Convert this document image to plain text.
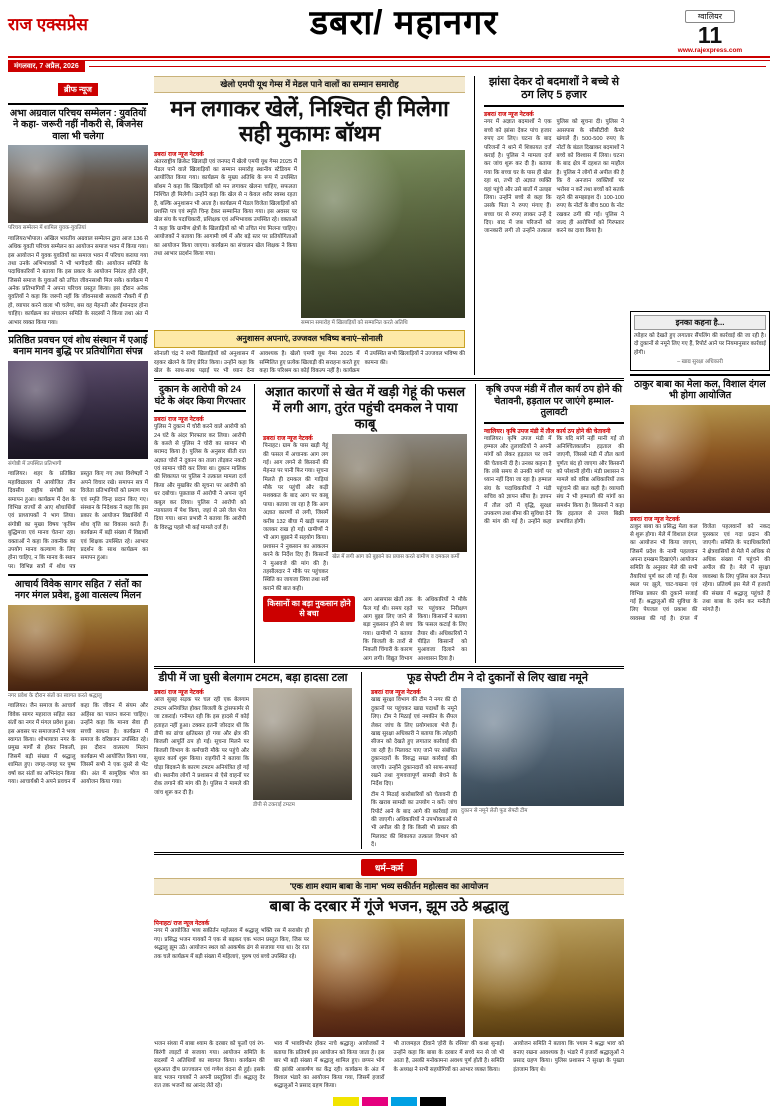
राज एक्सप्रेस	डबरा/ महानगर	ग्वालियर
11
www.rajexpress.com
मंगलवार, 7 अप्रैल, 2026
ब्रीफ न्यूज
अभा अग्रवाल परिचय सम्मेलन : युवतियों ने कहा- जरूरी नहीं नौकरी से, बिजनेस वाला भी चलेगा
परिचय सम्मेलन में शामिल युवक-युवतियां
ग्वालियर/भोपाल। अखिल भारतीय अग्रवाल सम्मेलन द्वारा आज 136 से अधिक युवती परिचय सम्मेलन का आयोजन समाज भवन में किया गया। इस आयोजन में युवक युवतियों का समाज भवन में परिचय कराया गया तथा उनके अभिभावकों ने भी भागीदारी की। आयोजन समिति के पदाधिकारियों ने बताया कि इस प्रकार के आयोजन निरंतर होते रहेंगे, जिससे समाज के युवाओं को उचित जीवनसाथी मिल सके। कार्यक्रम में अनेक प्रतिभागियों ने अपना परिचय प्रस्तुत किया। इस दौरान अनेक युवतियों ने कहा कि जरूरी नहीं कि जीवनसाथी सरकारी नौकरी में ही हो, व्यापार करने वाला भी चलेगा, बस वह मेहनती और ईमानदार होना चाहिए। कार्यक्रम का संचालन समिति के सदस्यों ने किया तथा अंत में आभार व्यक्त किया गया।
प्रतिष्ठित प्रवचन एवं शोध संस्थान में एआई बनाम मानव बुद्धि पर प्रतियोगिता संपन्न
संगोष्ठी में उपस्थित प्रतिभागी
ग्वालियर। शहर के प्रतिष्ठित महाविद्यालय में आयोजित तीन दिवसीय राष्ट्रीय संगोष्ठी का समापन हुआ। कार्यक्रम में देश के विभिन्न राज्यों से आए शोधार्थियों एवं प्राध्यापकों ने भाग लिया। संगोष्ठी का मुख्य विषय 'कृत्रिम बुद्धिमत्ता एवं मानव चेतना' रहा। वक्ताओं ने कहा कि तकनीक का उपयोग मानव कल्याण के लिए होना चाहिए, न कि मानव के स्थान पर। विभिन्न सत्रों में शोध पत्र प्रस्तुत किए गए तथा विशेषज्ञों ने अपने विचार रखे। समापन सत्र में विजेता प्रतिभागियों को प्रमाण पत्र एवं स्मृति चिन्ह प्रदान किए गए। संस्थान के निदेशक ने कहा कि इस प्रकार के आयोजन विद्यार्थियों में शोध वृत्ति का विकास करते हैं। कार्यक्रम में बड़ी संख्या में विद्यार्थी एवं शिक्षक उपस्थित रहे। आभार प्रदर्शन के साथ कार्यक्रम का समापन हुआ।
आचार्य विवेक सागर सहित 7 संतों का नगर मंगल प्रवेश, हुआ वात्सल्य मिलन
नगर प्रवेश के दौरान संतों का स्वागत करते श्रद्धालु
ग्वालियर। जैन समाज के आचार्य विवेक सागर महाराज सहित सात संतों का नगर में मंगल प्रवेश हुआ। इस अवसर पर समाजजनों ने भव्य स्वागत किया। शोभायात्रा नगर के प्रमुख मार्गों से होकर निकली, जिसमें बड़ी संख्या में श्रद्धालु शामिल हुए। जगह-जगह पर पुष्प वर्षा कर संतों का अभिनंदन किया गया। आचार्यश्री ने अपने प्रवचन में कहा कि जीवन में संयम और अहिंसा का पालन करना चाहिए। उन्होंने कहा कि मानव सेवा ही सच्ची साधना है। कार्यक्रम में समाज के वरिष्ठजन उपस्थित रहे। इस दौरान वात्सल्य मिलन कार्यक्रम भी आयोजित किया गया, जिसमें सभी ने एक दूसरे से भेंट की। अंत में सामूहिक भोज का आयोजन किया गया।
खेलो एमपी यूथ गेम्स में मेडल पाने वालों का सम्मान समारोह
मन लगाकर खेलें, निश्चित ही मिलेगा सही मुकामः बॉथम
डबरा/ राज न्यूज नेटवर्क
अंतरराष्ट्रीय क्रिकेट खिलाड़ी एवं जनपद में खेलो एमपी यूथ गेम्स 2025 में मेडल पाने वाले खिलाड़ियों का सम्मान समारोह स्थानीय स्टेडियम में आयोजित किया गया। कार्यक्रम के मुख्य अतिथि के रूप में उपस्थित बॉथम ने कहा कि खिलाड़ियों को मन लगाकर खेलना चाहिए, सफलता निश्चित ही मिलेगी। उन्होंने कहा कि खेल से न केवल शरीर स्वस्थ रहता है, बल्कि अनुशासन भी आता है। कार्यक्रम में मेडल विजेता खिलाड़ियों को प्रशस्ति पत्र एवं स्मृति चिन्ह देकर सम्मानित किया गया। इस अवसर पर खेल संघ के पदाधिकारी, प्रशिक्षक एवं अभिभावक उपस्थित रहे। वक्ताओं ने कहा कि ग्रामीण क्षेत्रों के खिलाड़ियों को भी उचित मंच मिलना चाहिए। आयोजकों ने बताया कि आगामी वर्ष में और बड़े स्तर पर प्रतियोगिताओं का आयोजन किया जाएगा। कार्यक्रम का संचालन खेल शिक्षक ने किया तथा आभार प्रदर्शन किया गया।
सम्मान समारोह में खिलाड़ियों को सम्मानित करते अतिथि
अनुशासन अपनाएं, उज्जवल भविष्य बनाएं–सोनाली
सोनाली चंद्र ने सभी खिलाड़ियों को अनुशासन में रहकर खेलने के लिए प्रेरित किया। उन्होंने कहा कि खेल के साथ-साथ पढ़ाई पर भी ध्यान देना आवश्यक है। खेलो एमपी यूथ गेम्स 2025 में सम्मिलित हुए प्रत्येक खिलाड़ी की सराहना करते हुए कहा कि परिश्रम का कोई विकल्प नहीं है। कार्यक्रम में उपस्थित सभी खिलाड़ियों ने उज्जवल भविष्य की कामना की।
झांसा देकर दो बदमाशों ने बच्चे से ठग लिए 5 हजार
डबरा/ राज न्यूज नेटवर्क
नगर में अज्ञात बदमाशों ने एक बच्चे को झांसा देकर पांच हजार रुपए ठग लिए। घटना के बाद परिजनों ने थाने में शिकायत दर्ज कराई है। पुलिस ने मामला दर्ज कर जांच शुरू कर दी है। बताया गया कि बच्चा घर के पास ही खेल रहा था, तभी दो अज्ञात व्यक्ति वहां पहुंचे और उसे बातों में उलझा लिया। उन्होंने बच्चे से कहा कि उसके पिता ने रुपए मंगाए हैं। बच्चा घर से रुपए लाकर उन्हें दे दिए। बाद में जब परिजनों को जानकारी लगी तो उन्होंने तत्काल पुलिस को सूचना दी। पुलिस ने आसपास के सीसीटीवी कैमरे खंगाले हैं। 500-500 रुपए के नोटों के बंडल दिखाकर बदमाशों ने बच्चे को विश्वास में लिया। घटना के बाद क्षेत्र में दहशत का माहौल है। पुलिस ने लोगों से अपील की है कि वे अनजान व्यक्तियों पर भरोसा न करें तथा बच्चों को सतर्क रहने की समझाइश दें। 100-100 रुपए के नोटों के बीच 500 के नोट रखकर ठगी की गई। पुलिस ने जल्द ही आरोपियों को गिरफ्तार करने का दावा किया है।
दुकान के आरोपी को 24 घंटे के अंदर किया गिरफ्तार
डबरा/ राज न्यूज नेटवर्क
पुलिस ने दुकान में चोरी करने वाले आरोपी को 24 घंटे के अंदर गिरफ्तार कर लिया। आरोपी के कब्जे से पुलिस ने चोरी का सामान भी बरामद किया है। पुलिस के अनुसार बीती रात अज्ञात चोरों ने दुकान का ताला तोड़कर नकदी एवं सामान चोरी कर लिया था। दुकान मालिक की शिकायत पर पुलिस ने तत्काल मामला दर्ज किया और मुखबिर की सूचना पर आरोपी को धर दबोचा। पूछताछ में आरोपी ने अपना जुर्म कबूल कर लिया। पुलिस ने आरोपी को न्यायालय में पेश किया, जहां से उसे जेल भेज दिया गया। थाना प्रभारी ने बताया कि आरोपी के विरुद्ध पहले भी कई मामले दर्ज हैं।
अज्ञात कारणों से खेत में खड़ी गेहूं की फसल में लगी आग, तुरंत पहुंची दमकल ने पाया काबू
डबरा/ राज न्यूज नेटवर्क
पिनाहट। ग्राम के पास खड़ी गेहूं की फसल में अचानक आग लग गई। आग लगने से किसानों की मेहनत पर पानी फिर गया। सूचना मिलते ही दमकल की गाड़ियां मौके पर पहुंचीं और कड़ी मशक्कत के बाद आग पर काबू पाया। बताया जा रहा है कि आग अज्ञात कारणों से लगी, जिसमें करीब 132 बीघा में खड़ी फसल जलकर राख हो गई। ग्रामीणों ने भी आग बुझाने में सहयोग किया। प्रशासन ने नुकसान का आकलन करने के निर्देश दिए हैं। किसानों ने मुआवजे की मांग की है। तहसीलदार ने मौके पर पहुंचकर स्थिति का जायजा लिया तथा सर्वे कराने की बात कही।
खेत में लगी आग को बुझाने का प्रयास करते ग्रामीण व दमकल कर्मी
किसानों का बड़ा नुकसान होने से बचा
आग आसपास खेतों तक फैल गई थी। समय रहते आग बुझा लिए जाने से बड़ा नुकसान होने से बच गया। ग्रामीणों ने बताया कि बिजली के तारों से निकली चिंगारी के कारण आग लगी। विद्युत विभाग के अधिकारियों ने मौके पर पहुंचकर निरीक्षण किया। किसानों ने बताया कि फसल कटाई के लिए तैयार थी। अधिकारियों ने पीड़ित किसानों को मुआवजा दिलाने का आश्वासन दिया है।
कृषि उपज मंडी में तौल कार्य ठप होने की चेतावनी, हड़ताल पर जाएंगे हम्माल-तुलावटी
ग्वालियर। कृषि उपज मंडी में तौल कार्य ठप होने की चेतावनी
ग्वालियर। कृषि उपज मंडी में हम्माल और तुलावटियों ने अपनी मांगों को लेकर हड़ताल पर जाने की चेतावनी दी है। उनका कहना है कि लंबे समय से उनकी मांगों पर ध्यान नहीं दिया जा रहा है। हम्माल संघ के पदाधिकारियों ने मंडी सचिव को ज्ञापन सौंपा है। ज्ञापन में तौल दरों में वृद्धि, सुरक्षा उपकरण तथा बीमा की सुविधा देने की मांग की गई है। उन्होंने कहा कि यदि मांगें नहीं मानी गईं तो अनिश्चितकालीन हड़ताल की जाएगी, जिससे मंडी में तौल कार्य पूर्णतः बंद हो जाएगा और किसानों को परेशानी होगी। मंडी प्रशासन ने मामले को वरिष्ठ अधिकारियों तक पहुंचाने की बात कही है। व्यापारी संघ ने भी हम्मालों की मांगों का समर्थन किया है। किसानों ने कहा कि हड़ताल से उपज बिक्री प्रभावित होगी।
डीपी में जा घुसी बेलगाम टमटम, बड़ा हादसा टला
डबरा/ राज न्यूज नेटवर्क
आज सुबह सड़क पर चल रही एक बेलगाम टमटम अनियंत्रित होकर बिजली के ट्रांसफार्मर से जा टकराई। गनीमत रही कि इस हादसे में कोई हताहत नहीं हुआ। टक्कर इतनी जोरदार थी कि डीपी का ढांचा क्षतिग्रस्त हो गया और क्षेत्र की बिजली आपूर्ति ठप हो गई। सूचना मिलने पर बिजली विभाग के कर्मचारी मौके पर पहुंचे और सुधार कार्य शुरू किया। राहगीरों ने बताया कि घोड़ा बिदकने के कारण टमटम अनियंत्रित हो गई थी। स्थानीय लोगों ने प्रशासन से ऐसे वाहनों पर रोक लगाने की मांग की है। पुलिस ने मामले की जांच शुरू कर दी है।
डीपी से टकराई टमटम
फूड सेफ्टी टीम ने दो दुकानों से लिए खाद्य नमूने
डबरा/ राज न्यूज नेटवर्क
खाद्य सुरक्षा विभाग की टीम ने नगर की दो दुकानों पर पहुंचकर खाद्य पदार्थों के नमूने लिए। टीम ने मिठाई एवं नमकीन के सैंपल लेकर जांच के लिए प्रयोगशाला भेजे हैं। खाद्य सुरक्षा अधिकारी ने बताया कि त्योहारी सीजन को देखते हुए लगातार कार्रवाई की जा रही है। मिलावट पाए जाने पर संबंधित दुकानदारों के विरुद्ध सख्त कार्रवाई की जाएगी। उन्होंने दुकानदारों को साफ-सफाई रखने तथा गुणवत्तापूर्ण सामग्री बेचने के निर्देश दिए।
टीम ने मिठाई कारोबारियों को चेतावनी दी कि खराब सामग्री का उपयोग न करें। जांच रिपोर्ट आने के बाद आगे की कार्रवाई तय की जाएगी। अधिकारियों ने उपभोक्ताओं से भी अपील की है कि किसी भी प्रकार की मिलावट की शिकायत तत्काल विभाग को दें।
दुकान से नमूने लेती फूड सेफ्टी टीम
धर्म–कर्म
'एक शाम श्याम बाबा के नाम' भव्य सकीर्तन महोत्सव का आयोजन
बाबा के दरबार में गूंजे भजन, झूम उठे श्रद्धालु
पिनाहट/ राज न्यूज नेटवर्क
नगर में आयोजित भव्य सकीर्तन महोत्सव में श्रद्धालु भक्ति रस में सराबोर हो गए। प्रसिद्ध भजन गायकों ने एक से बढ़कर एक भजन प्रस्तुत किए, जिस पर श्रद्धालु झूम उठे। आयोजन स्थल को आकर्षक ढंग से सजाया गया था। देर रात तक चले कार्यक्रम में बड़ी संख्या में महिलाएं, पुरुष एवं बच्चे उपस्थित रहे।
भजन संध्या में बाबा श्याम के दरबार को फूलों एवं रंग-बिरंगी लाइटों से सजाया गया। आयोजन समिति के सदस्यों ने अतिथियों का स्वागत किया। कार्यक्रम की शुरुआत दीप प्रज्ज्वलन एवं गणेश वंदना से हुई। इसके बाद भजन गायकों ने अपनी प्रस्तुतियां दीं। श्रद्धालु देर रात तक भजनों का आनंद लेते रहे।
भाव में भावविभोर होकर नाचे श्रद्धालु। आयोजकों ने बताया कि प्रतिवर्ष इस आयोजन को किया जाता है। इस बार भी बड़ी संख्या में श्रद्धालु शामिल हुए। छप्पन भोग की झांकी आकर्षण का केंद्र रही। कार्यक्रम के अंत में विशाल भंडारे का आयोजन किया गया, जिसमें हजारों श्रद्धालुओं ने प्रसाद ग्रहण किया।
भी ताजमहल दीवाने 'होरी के रसिया' की कथा सुनाई। उन्होंने कहा कि बाबा के दरबार में सच्चे मन से जो भी आता है, उसकी मनोकामना अवश्य पूर्ण होती है। समिति के अध्यक्ष ने सभी सहयोगियों का आभार व्यक्त किया।
आयोजन समिति ने बताया कि 'श्याम ने श्रद्धा भाव' को बनाए रखना आवश्यक है। भंडारे में हजारों श्रद्धालुओं ने प्रसाद ग्रहण किया। पुलिस प्रशासन ने सुरक्षा के पुख्ता इंतजाम किए थे।
इनका कहना है...
त्योहार को देखते हुए लगातार सैंपलिंग की कार्रवाई की जा रही है। दो दुकानों से नमूने लिए गए हैं, रिपोर्ट आने पर नियमानुसार कार्रवाई होगी।
– खाद्य सुरक्षा अधिकारी
ठाकुर बाबा का मेला कल, विशाल दंगल भी होगा आयोजित
डबरा/ राज न्यूज नेटवर्क
ठाकुर बाबा का प्रसिद्ध मेला कल से शुरू होगा। मेले में विशाल दंगल का आयोजन भी किया जाएगा, जिसमें प्रदेश के नामी पहलवान अपना दमखम दिखाएंगे। आयोजन समिति के अनुसार मेले की सभी तैयारियां पूर्ण कर ली गई हैं। मेला स्थल पर झूले, चाट-चखना एवं विभिन्न प्रकार की दुकानें सजाई गई हैं। श्रद्धालुओं की सुविधा के लिए पेयजल एवं प्रकाश की व्यवस्था की गई है। दंगल में विजेता पहलवानों को नकद पुरस्कार एवं गदा प्रदान की जाएगी। समिति के पदाधिकारियों ने क्षेत्रवासियों से मेले में अधिक से अधिक संख्या में पहुंचने की अपील की है। मेले में सुरक्षा व्यवस्था के लिए पुलिस बल तैनात रहेगा। प्रतिवर्ष इस मेले में हजारों की संख्या में श्रद्धालु पहुंचते हैं तथा बाबा के दर्शन कर मनौती मांगते हैं।
